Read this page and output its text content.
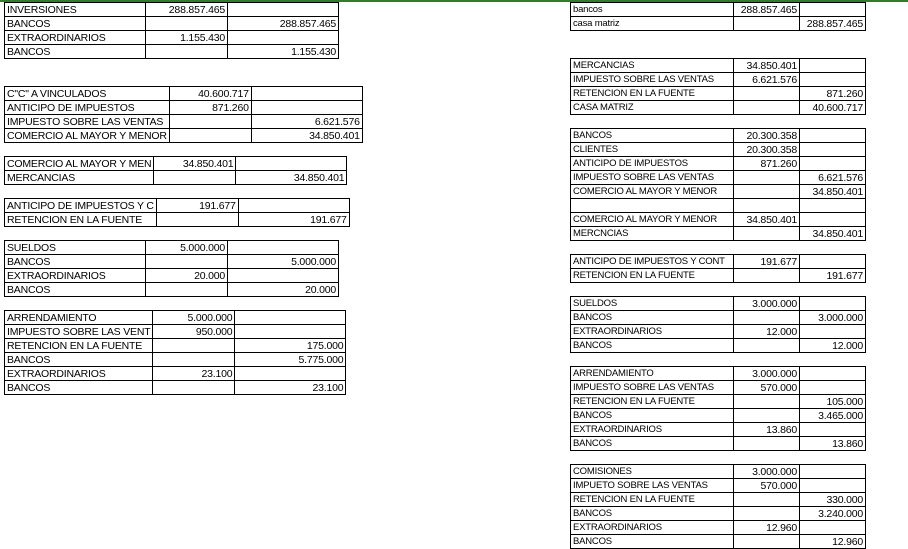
INVERSIONES	288.857.465	
BANCOS		288.857.465
EXTRAORDINARIOS	1.155.430	
BANCOS		1.155.430
C"C" A VINCULADOS	40.600.717	
ANTICIPO DE IMPUESTOS	871.260	
IMPUESTO SOBRE LAS VENTAS		6.621.576
COMERCIO AL MAYOR Y MENOR		34.850.401
COMERCIO AL MAYOR Y MEN	34.850.401	
MERCANCIAS		34.850.401
ANTICIPO DE IMPUESTOS Y C	191.677	
RETENCION EN LA FUENTE		191.677
SUELDOS	5.000.000	
BANCOS		5.000.000
EXTRAORDINARIOS	20.000	
BANCOS		20.000
ARRENDAMIENTO	5.000.000	
IMPUESTO SOBRE LAS VENT	950.000	
RETENCION EN LA FUENTE		175.000
BANCOS		5.775.000
EXTRAORDINARIOS	23.100	
BANCOS		23.100
bancos	288.857.465	
casa matriz		288.857.465
MERCANCIAS	34.850.401	
IMPUESTO SOBRE LAS VENTAS	6.621.576	
RETENCION EN LA FUENTE		871.260
CASA MATRIZ		40.600.717
BANCOS	20.300.358	
CLIENTES	20.300.358	
ANTICIPO DE IMPUESTOS	871.260	
IMPUESTO SOBRE LAS VENTAS		6.621.576
COMERCIO AL MAYOR Y MENOR		34.850.401

COMERCIO AL MAYOR Y MENOR	34.850.401	
MERCNCIAS		34.850.401
ANTICIPO DE IMPUESTOS Y CONT	191.677	
RETENCION EN LA FUENTE		191.677
SUELDOS	3.000.000	
BANCOS		3.000.000
EXTRAORDINARIOS	12.000	
BANCOS		12.000
ARRENDAMIENTO	3.000.000	
IMPUESTO SOBRE LAS VENTAS	570.000	
RETENCION EN LA FUENTE		105.000
BANCOS		3.465.000
EXTRAORDINARIOS	13.860	
BANCOS		13.860
COMISIONES	3.000.000	
IMPUETO SOBRE LAS VENTAS	570.000	
RETENCION EN LA FUENTE		330.000
BANCOS		3.240.000
EXTRAORDINARIOS	12.960	
BANCOS		12.960
